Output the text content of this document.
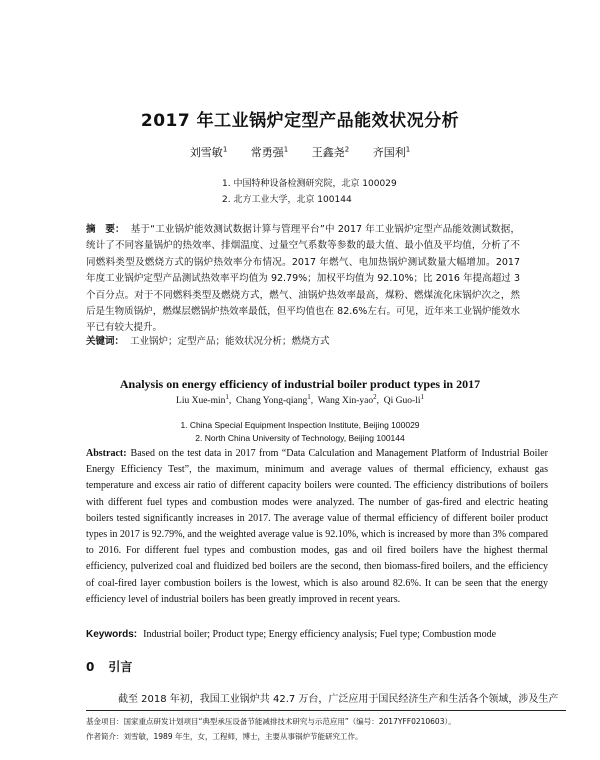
2017 年工业锅炉定型产品能效状况分析
刘雪敏$^1$ 常勇强$^1$ 王鑫尧$^2$ 齐国利$^1$
1. 中国特种设备检测研究院，北京 100029
2. 北方工业大学，北京 100144
摘　要： 基于“工业锅炉能效测试数据计算与管理平台”中 2017 年工业锅炉定型产品能效测试数据，统计了不同容量锅炉的热效率、排烟温度、过量空气系数等参数的最大值、最小值及平均值，分析了不同燃料类型及燃烧方式的锅炉热效率分布情况。2017 年燃气、电加热锅炉测试数量大幅增加。2017 年度工业锅炉定型产品测试热效率平均值为 92.79%；加权平均值为 92.10%；比 2016 年提高超过 3 个百分点。对于不同燃料类型及燃烧方式，燃气、油锅炉热效率最高，煤粉、燃煤流化床锅炉次之，然后是生物质锅炉，燃煤层燃锅炉热效率最低，但平均值也在 82.6%左右。可见，近年来工业锅炉能效水平已有较大提升。
关键词： 工业锅炉；定型产品；能效状况分析；燃烧方式
Analysis on energy efficiency of industrial boiler product types in 2017
Liu Xue-$\min^1$,  Chang Yong-qiang$^1$,  Wang Xin-yao$^2$,  Qi Guo-$li^1$
1. China Special Equipment Inspection Institute, Beijing 100029
2. North China University of Technology, Beijing 100144
Abstract: Based on the test data in 2017 from “Data Calculation and Management Platform of Industrial Boiler Energy Efficiency Test”, the maximum, minimum and average values of thermal efficiency, exhaust gas temperature and excess air ratio of different capacity boilers were counted. The efficiency distributions of boilers with different fuel types and combustion modes were analyzed. The number of gas-fired and electric heating boilers tested significantly increases in 2017. The average value of thermal efficiency of different boiler product types in 2017 is 92.79%, and the weighted average value is 92.10%, which is increased by more than 3% compared to 2016. For different fuel types and combustion modes, gas and oil fired boilers have the highest thermal efficiency, pulverized coal and fluidized bed boilers are the second, then biomass-fired boilers, and the efficiency of coal-fired layer combustion boilers is the lowest, which is also around 82.6%. It can be seen that the energy efficiency level of industrial boilers has been greatly improved in recent years.
Keywords: Industrial boiler; Product type; Energy efficiency analysis; Fuel type; Combustion mode
0 引言
截至 2018 年初，我国工业锅炉共 42.7 万台，广泛应用于国民经济生产和生活各个领域，涉及生产
基金项目：国家重点研发计划项目“典型承压设备节能减排技术研究与示范应用”（编号：2017YFF0210603）。
作者简介：刘雪敏，1989 年生，女，工程师，博士，主要从事锅炉节能研究工作。
